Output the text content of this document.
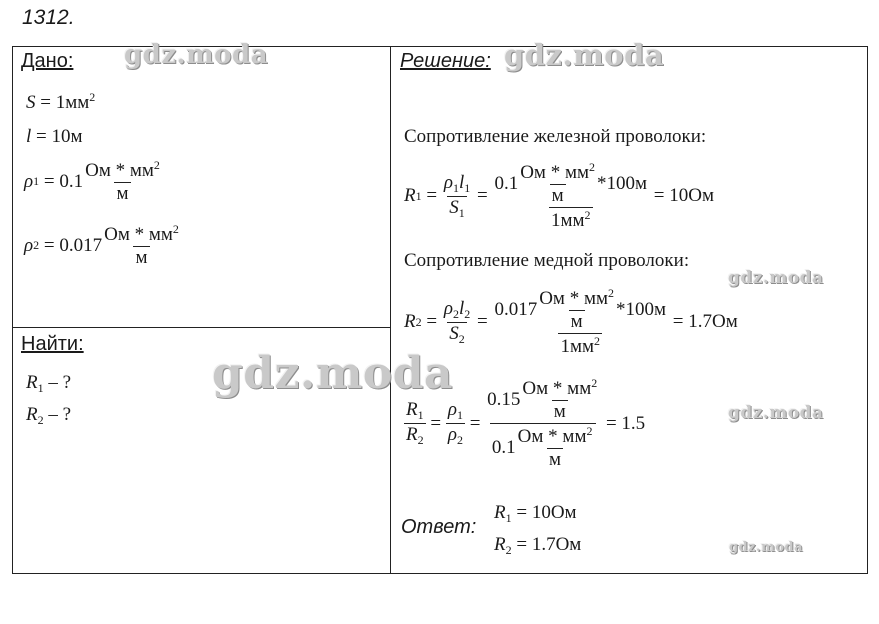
1312.
Дано: gdz.moda
$S = 1мм^2$
l = 10м
ρ 1
= $0.1 \frac{Ом * мм^2}{м}$
ρ 2
= $0.017 \frac{Ом * мм^2}{м}$
Найти:
$R_1$ – ?
$R_2$ – ?
gdz.moda
Решение: gdz.moda
Сопротивление железной проволоки:
R 1
=
$\frac{\rho_1l_1}{S_1}$
=
$\frac{0.1 \frac{Ом * мм^2}{м} *100м}{1мм^2}$
= 10Ом
Сопротивление медной проволоки:
gdz.moda
R 2
=
$\frac{\rho_2l_2}{S_2}$
=
$\frac{0.017 \frac{Ом * мм^2}{м} *100м}{1мм^2}$
= 1.7Ом
$\frac{R_1}{R_2}$
=
$\frac{\rho_1}{\rho_2}$
=
$\frac{0.15 \frac{Ом * мм^2}{м}}{0.1 \frac{Ом * мм^2}{м}}$
= 1.5	gdz.moda
Ответ:
$R_1 = 10Ом$
$R_2 = 1.7Ом$	gdz.moda
